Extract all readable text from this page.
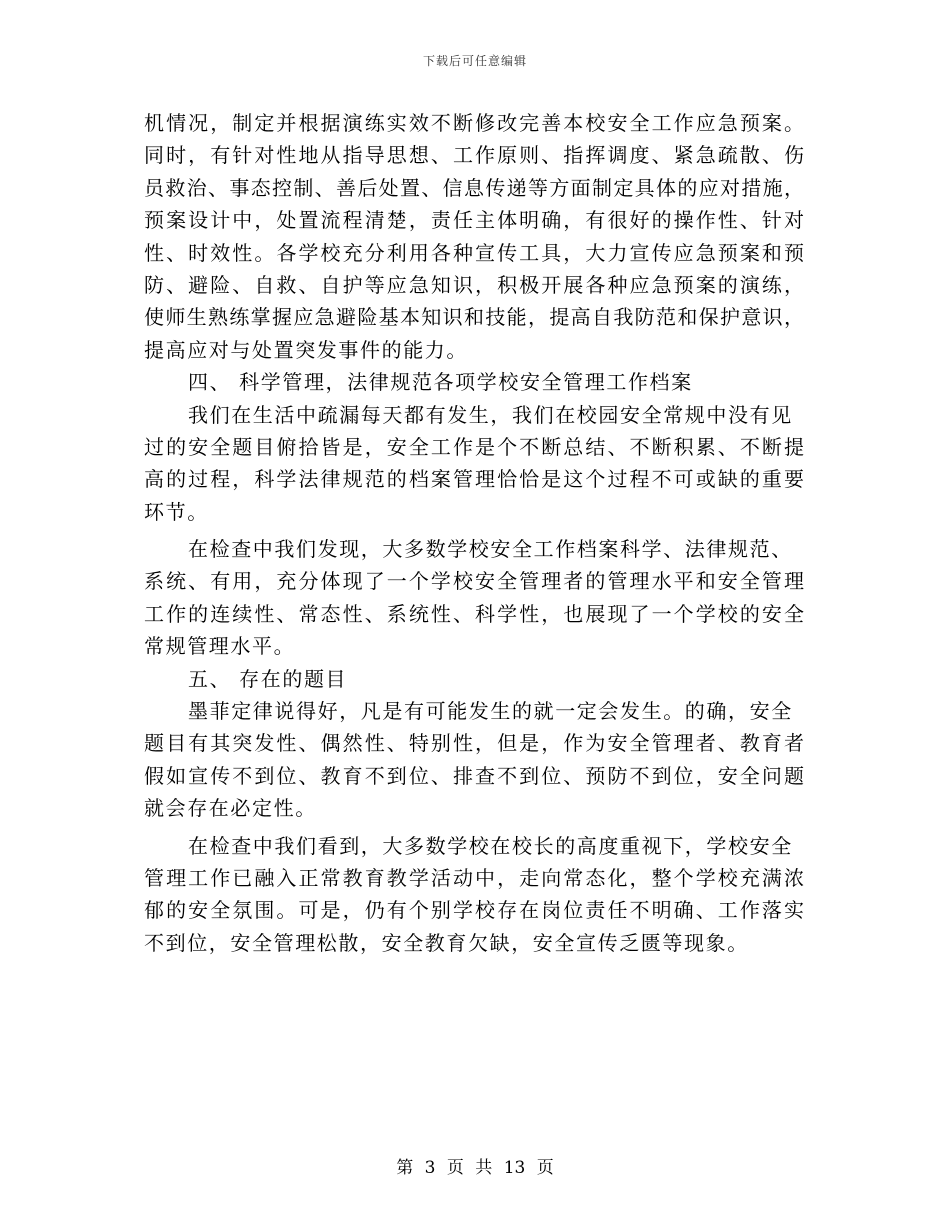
下载后可任意编辑
机情况，制定并根据演练实效不断修改完善本校安全工作应急预案。
同时，有针对性地从指导思想、工作原则、指挥调度、紧急疏散、伤
员救治、事态控制、善后处置、信息传递等方面制定具体的应对措施，
预案设计中，处置流程清楚，责任主体明确，有很好的操作性、针对
性、时效性。各学校充分利用各种宣传工具，大力宣传应急预案和预
防、避险、自救、自护等应急知识，积极开展各种应急预案的演练，
使师生熟练掌握应急避险基本知识和技能，提高自我防范和保护意识，
提高应对与处置突发事件的能力。
四、 科学管理，法律规范各项学校安全管理工作档案
我们在生活中疏漏每天都有发生，我们在校园安全常规中没有见
过的安全题目俯拾皆是，安全工作是个不断总结、不断积累、不断提
高的过程，科学法律规范的档案管理恰恰是这个过程不可或缺的重要
环节。
在检查中我们发现，大多数学校安全工作档案科学、法律规范、
系统、有用，充分体现了一个学校安全管理者的管理水平和安全管理
工作的连续性、常态性、系统性、科学性，也展现了一个学校的安全
常规管理水平。
五、 存在的题目
墨菲定律说得好，凡是有可能发生的就一定会发生。的确，安全
题目有其突发性、偶然性、特别性，但是，作为安全管理者、教育者
假如宣传不到位、教育不到位、排查不到位、预防不到位，安全问题
就会存在必定性。
在检查中我们看到，大多数学校在校长的高度重视下，学校安全
管理工作已融入正常教育教学活动中，走向常态化，整个学校充满浓
郁的安全氛围。可是，仍有个别学校存在岗位责任不明确、工作落实
不到位，安全管理松散，安全教育欠缺，安全宣传乏匮等现象。
第 3 页 共 13 页
